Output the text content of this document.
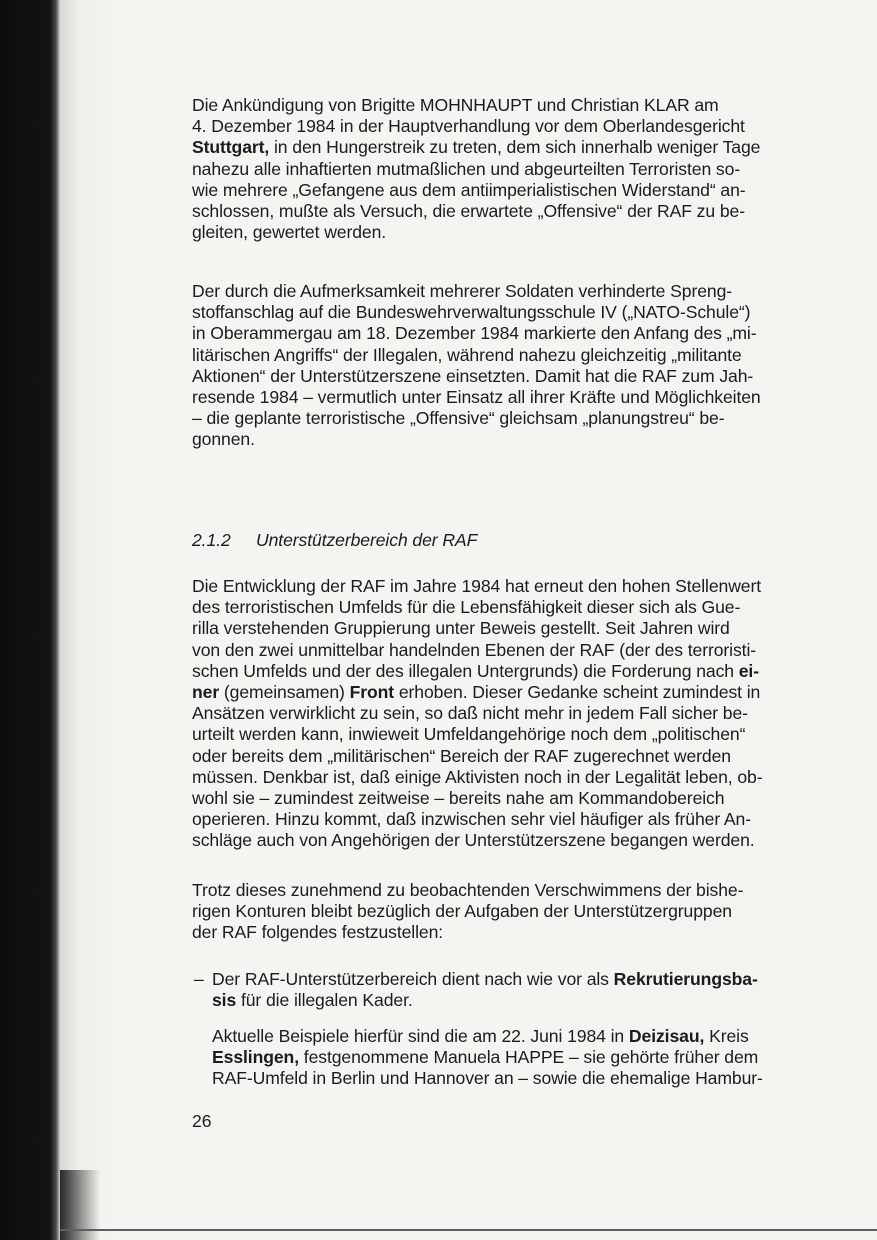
Die Ankündigung von Brigitte MOHNHAUPT und Christian KLAR am
4. Dezember 1984 in der Hauptverhandlung vor dem Oberlandesgericht
Stuttgart, in den Hungerstreik zu treten, dem sich innerhalb weniger Tage
nahezu alle inhaftierten mutmaßlichen und abgeurteilten Terroristen so-
wie mehrere „Gefangene aus dem antiimperialistischen Widerstand“ an-
schlossen, mußte als Versuch, die erwartete „Offensive“ der RAF zu be-
gleiten, gewertet werden.

Der durch die Aufmerksamkeit mehrerer Soldaten verhinderte Spreng-
stoffanschlag auf die Bundeswehrverwaltungsschule IV („NATO-Schule“)
in Oberammergau am 18. Dezember 1984 markierte den Anfang des „mi-
litärischen Angriffs“ der Illegalen, während nahezu gleichzeitig „militante
Aktionen“ der Unterstützerszene einsetzten. Damit hat die RAF zum Jah-
resende 1984 – vermutlich unter Einsatz all ihrer Kräfte und Möglichkeiten
– die geplante terroristische „Offensive“ gleichsam „planungstreu“ be-
gonnen.

2.1.2 Unterstützerbereich der RAF

Die Entwicklung der RAF im Jahre 1984 hat erneut den hohen Stellenwert
des terroristischen Umfelds für die Lebensfähigkeit dieser sich als Gue-
rilla verstehenden Gruppierung unter Beweis gestellt. Seit Jahren wird
von den zwei unmittelbar handelnden Ebenen der RAF (der des terroristi-
schen Umfelds und der des illegalen Untergrunds) die Forderung nach ei-
ner (gemeinsamen) Front erhoben. Dieser Gedanke scheint zumindest in
Ansätzen verwirklicht zu sein, so daß nicht mehr in jedem Fall sicher be-
urteilt werden kann, inwieweit Umfeldangehörige noch dem „politischen“
oder bereits dem „militärischen“ Bereich der RAF zugerechnet werden
müssen. Denkbar ist, daß einige Aktivisten noch in der Legalität leben, ob-
wohl sie – zumindest zeitweise – bereits nahe am Kommandobereich
operieren. Hinzu kommt, daß inzwischen sehr viel häufiger als früher An-
schläge auch von Angehörigen der Unterstützerszene begangen werden.

Trotz dieses zunehmend zu beobachtenden Verschwimmens der bishe-
rigen Konturen bleibt bezüglich der Aufgaben der Unterstützergruppen
der RAF folgendes festzustellen:

– Der RAF-Unterstützerbereich dient nach wie vor als Rekrutierungsba-
sis für die illegalen Kader.

Aktuelle Beispiele hierfür sind die am 22. Juni 1984 in Deizisau, Kreis
Esslingen, festgenommene Manuela HAPPE – sie gehörte früher dem
RAF-Umfeld in Berlin und Hannover an – sowie die ehemalige Hambur-

26
